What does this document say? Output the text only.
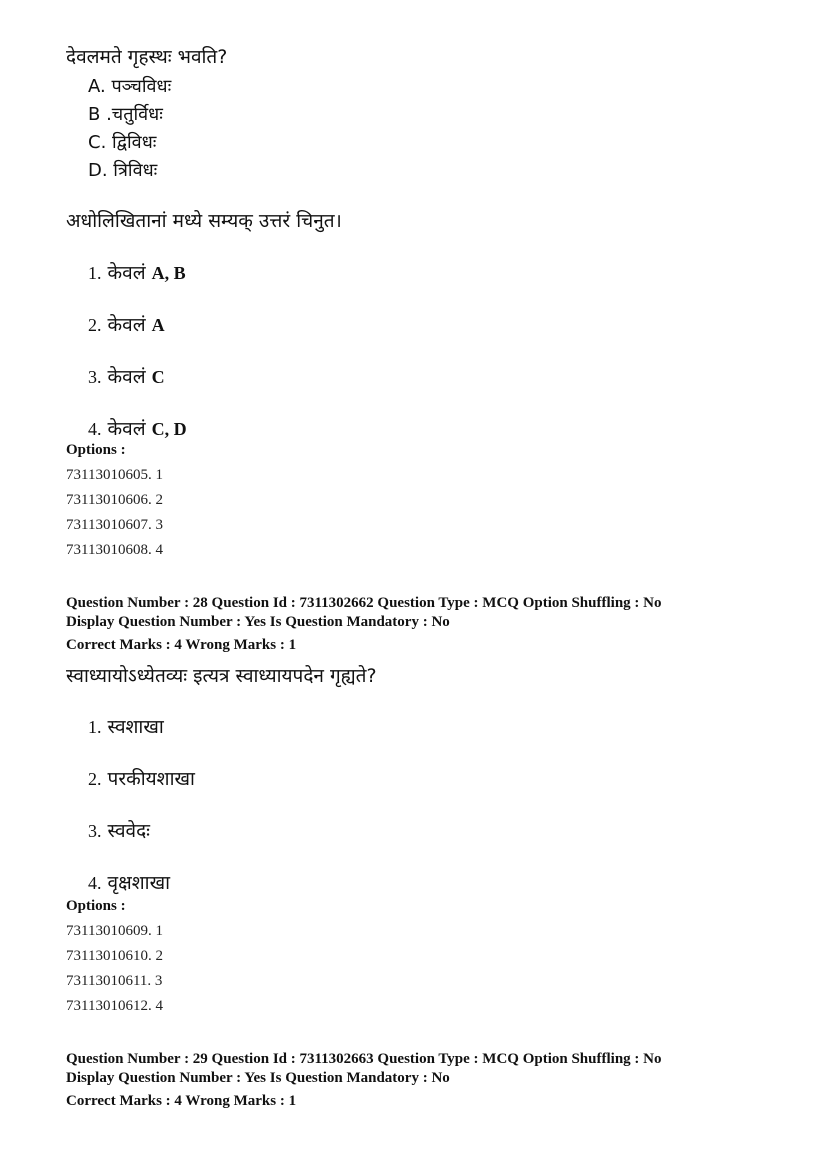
देवलमते गृहस्थः भवति?
A. पञ्चविधः
B .चतुर्विधः
C. द्विविधः
D. त्रिविधः
अधोलिखितानां मध्ये सम्यक् उत्तरं चिनुत।
1. केवलं A, B
2. केवलं A
3. केवलं C
4. केवलं C, D
Options :
73113010605. 1
73113010606. 2
73113010607. 3
73113010608. 4
Question Number : 28 Question Id : 7311302662 Question Type : MCQ Option Shuffling : No
Display Question Number : Yes Is Question Mandatory : No
Correct Marks : 4 Wrong Marks : 1
स्वाध्यायोऽध्येतव्यः इत्यत्र स्वाध्यायपदेन गृह्यते?
1. स्वशाखा
2. परकीयशाखा
3. स्ववेदः
4. वृक्षशाखा
Options :
73113010609. 1
73113010610. 2
73113010611. 3
73113010612. 4
Question Number : 29 Question Id : 7311302663 Question Type : MCQ Option Shuffling : No
Display Question Number : Yes Is Question Mandatory : No
Correct Marks : 4 Wrong Marks : 1
